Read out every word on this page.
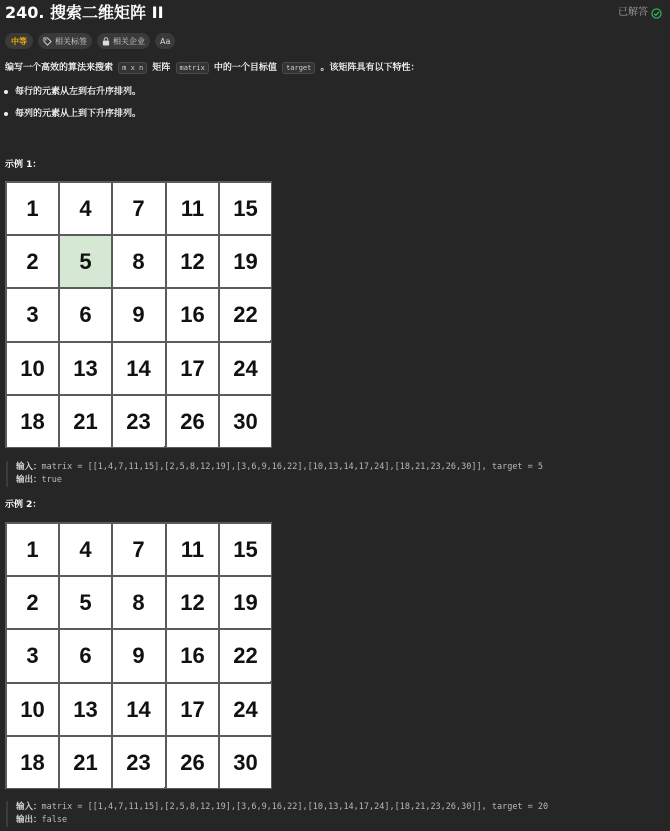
240. 搜索二维矩阵 II	已解答
中等	相关标签	相关企业 Aa
编写一个高效的算法来搜索 m x n 矩阵 matrix 中的一个目标值 target 。该矩阵具有以下特性：
每行的元素从左到右升序排列。
每列的元素从上到下升序排列。
示例 1：
1	4	7	11	15
2	5	8	12	19
3	6	9	16	22
10	13	14	17	24
18	21	23	26	30
输入：matrix = [[1,4,7,11,15],[2,5,8,12,19],[3,6,9,16,22],[10,13,14,17,24],[18,21,23,26,30]], target = 5
输出：true
示例 2：
1	4	7	11	15
2	5	8	12	19
3	6	9	16	22
10	13	14	17	24
18	21	23	26	30
输入：matrix = [[1,4,7,11,15],[2,5,8,12,19],[3,6,9,16,22],[10,13,14,17,24],[18,21,23,26,30]], target = 20
输出：false
